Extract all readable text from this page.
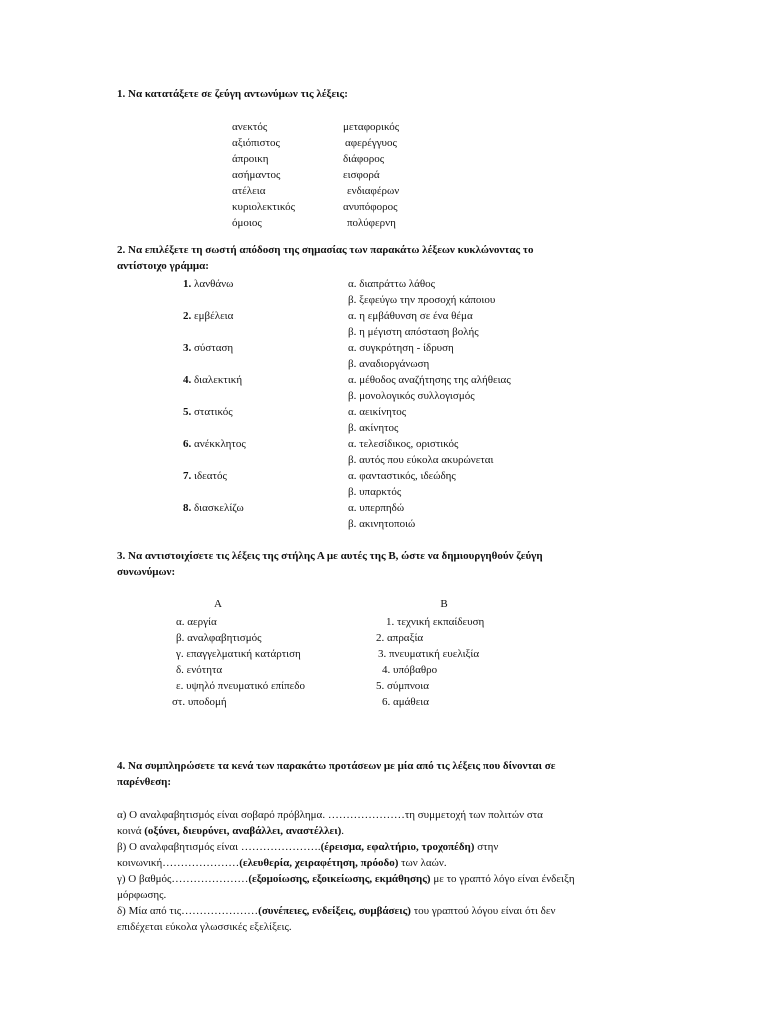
1. Να κατατάξετε σε ζεύγη αντωνύμων τις λέξεις:
ανεκτός
αξιόπιστος
άπροικη
ασήμαντος
ατέλεια
κυριολεκτικός
όμοιος
μεταφορικός
αφερέγγυος
διάφορος
εισφορά
ενδιαφέρων
ανυπόφορος
πολύφερνη
2. Να επιλέξετε τη σωστή απόδοση της σημασίας των παρακάτω λέξεων κυκλώνοντας το
αντίστοιχο γράμμα:
1. λανθάνω
2. εμβέλεια
3. σύσταση
4. διαλεκτική
5. στατικός
6. ανέκκλητος
7. ιδεατός
8. διασκελίζω
α. διαπράττω λάθος
β. ξεφεύγω την προσοχή κάποιου
α. η εμβάθυνση σε ένα θέμα
β. η μέγιστη απόσταση βολής
α. συγκρότηση - ίδρυση
β. αναδιοργάνωση
α. μέθοδος αναζήτησης της αλήθειας
β. μονολογικός συλλογισμός
α. αεικίνητος
β. ακίνητος
α. τελεσίδικος, οριστικός
β. αυτός που εύκολα ακυρώνεται
α. φανταστικός, ιδεώδης
β. υπαρκτός
α. υπερπηδώ
β. ακινητοποιώ
3. Να αντιστοιχίσετε τις λέξεις της στήλης Α με αυτές της Β, ώστε να δημιουργηθούν ζεύγη
συνωνύμων:
Α	Β
α. αεργία
β. αναλφαβητισμός
γ. επαγγελματική κατάρτιση
δ. ενότητα
ε. υψηλό πνευματικό επίπεδο
στ. υποδομή
1. τεχνική εκπαίδευση
2. απραξία
3. πνευματική ευελιξία
4. υπόβαθρο
5. σύμπνοια
6. αμάθεια
4. Να συμπληρώσετε τα κενά των παρακάτω προτάσεων με μία από τις λέξεις που δίνονται σε
παρένθεση:
α) Ο αναλφαβητισμός είναι σοβαρό πρόβλημα. …………………τη συμμετοχή των πολιτών στα
κοινά (οξύνει, διευρύνει, αναβάλλει, αναστέλλει).
β) Ο αναλφαβητισμός είναι ………………….(έρεισμα, εφαλτήριο, τροχοπέδη) στην
κοινωνική…………………(ελευθερία, χειραφέτηση, πρόοδο) των λαών.
γ) Ο βαθμός…………………(εξομοίωσης, εξοικείωσης, εκμάθησης) με το γραπτό λόγο είναι ένδειξη
μόρφωσης.
δ) Μία από τις…………………(συνέπειες, ενδείξεις, συμβάσεις) του γραπτού λόγου είναι ότι δεν
επιδέχεται εύκολα γλωσσικές εξελίξεις.
